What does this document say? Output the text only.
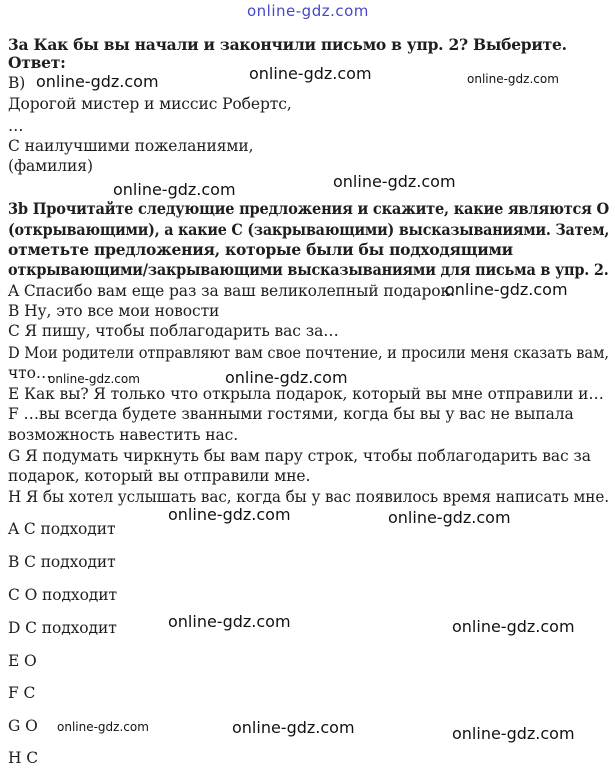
online-gdz.com
online-gdz.com	online-gdz.com	online-gdz.com
online-gdz.com	online-gdz.com
online-gdz.com
online-gdz.com	online-gdz.com
online-gdz.com	online-gdz.com
online-gdz.com	online-gdz.com
online-gdz.com	online-gdz.com	online-gdz.com
3a Как бы вы начали и закончили письмо в упр. 2? Выберите.
Ответ:
B)
Дорогой мистер и миссис Робертс,
…
С наилучшими пожеланиями,
(фамилия)
3b Прочитайте следующие предложения и скажите, какие являются O
(открывающими), а какие C (закрывающими) высказываниями. Затем,
отметьте предложения, которые были бы подходящими
открывающими/закрывающими высказываниями для письма в упр. 2.
A Спасибо вам еще раз за ваш великолепный подарок.
B Ну, это все мои новости
C Я пишу, чтобы поблагодарить вас за…
D Мои родители отправляют вам свое почтение, и просили меня сказать вам,
что…
E Как вы? Я только что открыла подарок, который вы мне отправили и…
F …вы всегда будете званными гостями, когда бы вы у вас не выпала
возможность навестить нас.
G Я подумать чиркнуть бы вам пару строк, чтобы поблагодарить вас за
подарок, который вы отправили мне.
H Я бы хотел услышать вас, когда бы у вас появилось время написать мне.
A C подходит
B C подходит
C O подходит
D C подходит
E O
F C
G O
H C
